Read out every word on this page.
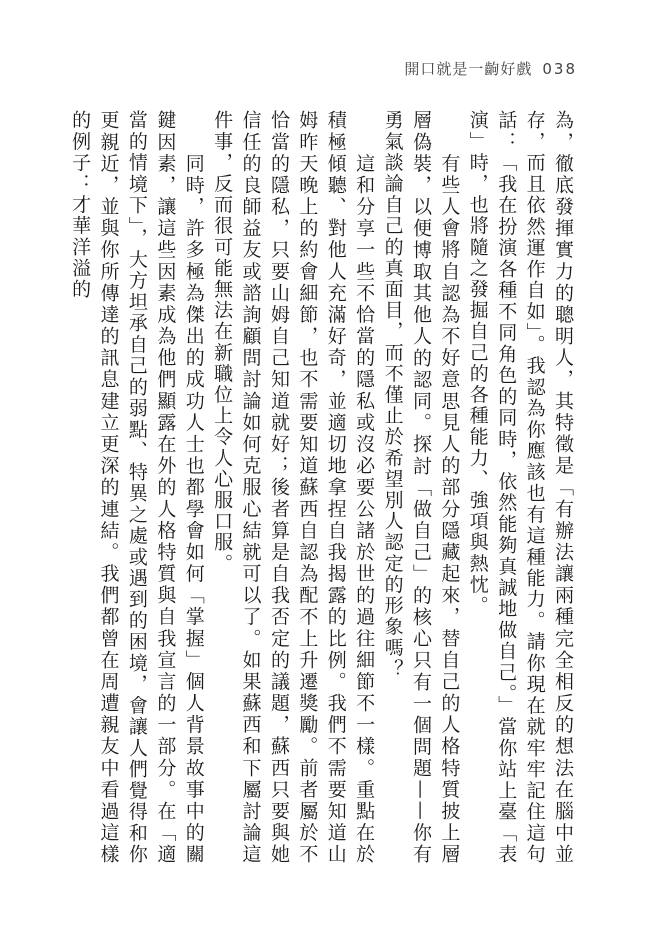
開口就是一齣好戲 038

為，徹底發揮實力的聰明人，其特徵是「有辦法讓兩種完全相反的想法在腦中並存，而且依然運作自如」。我認為你應該也有這種能力。請你現在就牢牢記住這句話：「我在扮演各種不同角色的同時，依然能夠真誠地做自己。」當你站上臺「表演」時，也將隨之發掘自己的各種能力、強項與熱忱。

　　有些人會將自認為不好意思見人的部分隱藏起來，替自己的人格特質披上層層偽裝，以便博取其他人的認同。探討「做自己」的核心只有一個問題——你有勇氣談論自己的真面目，而不僅止於希望別人認定的形象嗎？

　　這和分享一些不恰當的隱私或沒必要公諸於世的過往細節不一樣。重點在於積極傾聽、對他人充滿好奇，並適切地拿捏自我揭露的比例。我們不需要知道山姆昨天晚上的約會細節，也不需要知道蘇西自認為配不上升遷獎勵。前者屬於不恰當的隱私，只要山姆自己知道就好；後者算是自我否定的議題，蘇西只要與她信任的良師益友或諮詢顧問討論如何克服心結就可以了。如果蘇西和下屬討論這件事，反而很可能無法在新職位上令人心服口服。

　　同時，許多極為傑出的成功人士也都學會如何「掌握」個人背景故事中的關鍵因素，讓這些因素成為他們顯露在外的人格特質與自我宣言的一部分。在「適當的情境下」，大方坦承自己的弱點、特異之處或遇到的困境，會讓人們覺得和你更親近，並與你所傳達的訊息建立更深的連結。我們都曾在周遭親友中看過這樣的例子：才華洋溢的
